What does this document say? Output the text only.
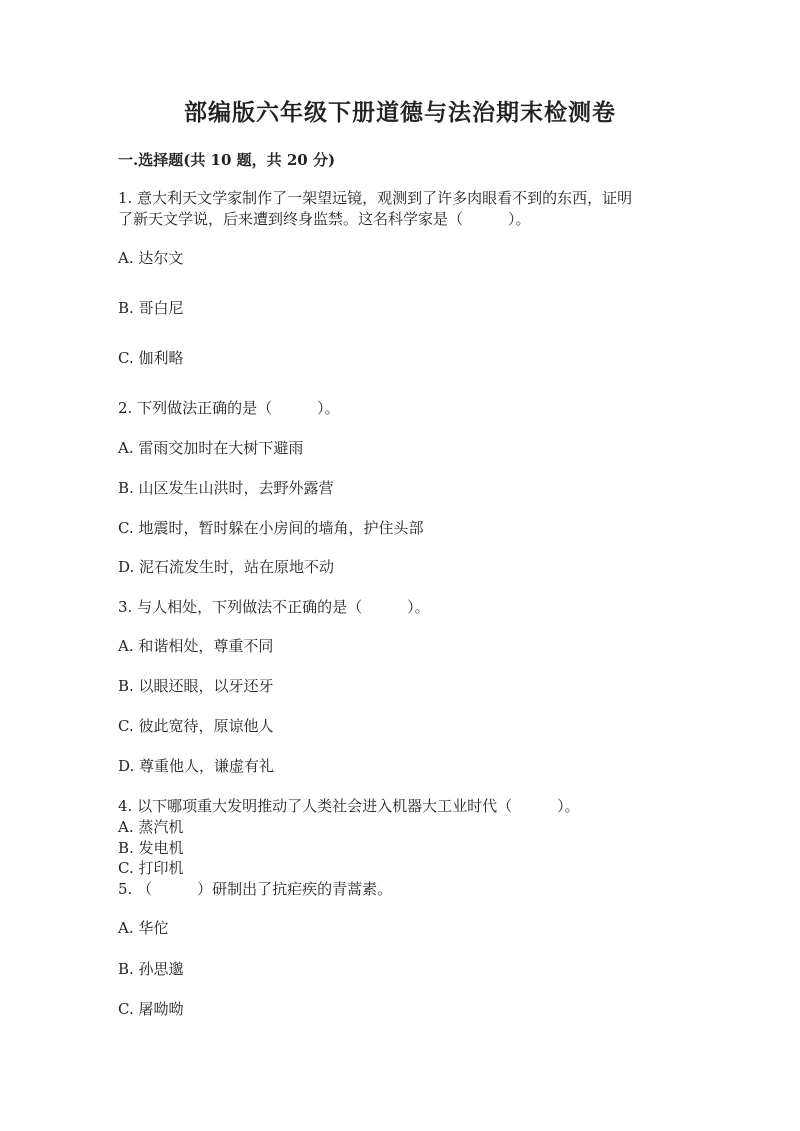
部编版六年级下册道德与法治期末检测卷
一.选择题(共 10 题，共 20 分)
1. 意大利天文学家制作了一架望远镜，观测到了许多肉眼看不到的东西，证明
了新天文学说，后来遭到终身监禁。这名科学家是（　　　）。
A. 达尔文
B. 哥白尼
C. 伽利略
2. 下列做法正确的是（　　　）。
A. 雷雨交加时在大树下避雨
B. 山区发生山洪时，去野外露营
C. 地震时，暂时躲在小房间的墙角，护住头部
D. 泥石流发生时，站在原地不动
3. 与人相处，下列做法不正确的是（　　　）。
A. 和谐相处，尊重不同
B. 以眼还眼，以牙还牙
C. 彼此宽待，原谅他人
D. 尊重他人，谦虚有礼
4. 以下哪项重大发明推动了人类社会进入机器大工业时代（　　　）。
A. 蒸汽机
B. 发电机
C. 打印机
5. （　　　）研制出了抗疟疾的青蒿素。
A. 华佗
B. 孙思邈
C. 屠呦呦
